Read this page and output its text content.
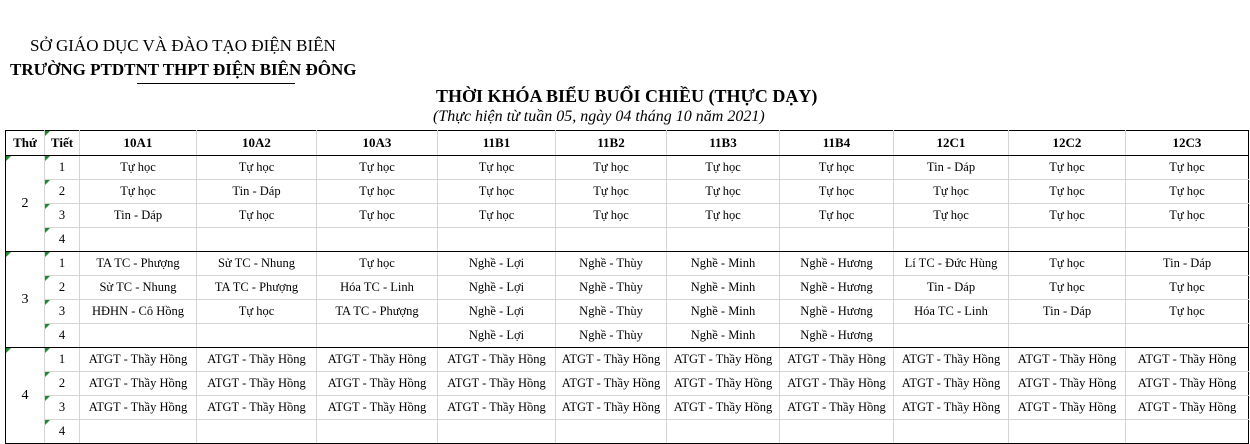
SỞ GIÁO DỤC VÀ ĐÀO TẠO ĐIỆN BIÊN
TRƯỜNG PTDTNT THPT ĐIỆN BIÊN ĐÔNG
THỜI KHÓA BIỂU BUỔI CHIỀU (THỰC DẠY)
(Thực hiện từ tuần 05, ngày 04 tháng 10 năm 2021)
Thứ	Tiết	10A1	10A2	10A3	11B1	11B2	11B3	11B4	12C1	12C2	12C3
2	1	Tự học	Tự học	Tự học	Tự học	Tự học	Tự học	Tự học	Tin - Dáp	Tự học	Tự học
	2	Tự học	Tin - Dáp	Tự học	Tự học	Tự học	Tự học	Tự học	Tự học	Tự học	Tự học
	3	Tin - Dáp	Tự học	Tự học	Tự học	Tự học	Tự học	Tự học	Tự học	Tự học	Tự học
	4										
3	1	TA TC - Phượng	Sử TC - Nhung	Tự học	Nghề - Lợi	Nghề - Thùy	Nghề - Minh	Nghề - Hương	Lí TC - Đức Hùng	Tự học	Tin - Dáp
	2	Sử TC - Nhung	TA TC - Phượng	Hóa TC - Linh	Nghề - Lợi	Nghề - Thùy	Nghề - Minh	Nghề - Hương	Tin - Dáp	Tự học	Tự học
	3	HĐHN - Cô Hồng	Tự học	TA TC - Phượng	Nghề - Lợi	Nghề - Thùy	Nghề - Minh	Nghề - Hương	Hóa TC - Linh	Tin - Dáp	Tự học
	4				Nghề - Lợi	Nghề - Thùy	Nghề - Minh	Nghề - Hương			
4	1	ATGT - Thầy Hồng	ATGT - Thầy Hồng	ATGT - Thầy Hồng	ATGT - Thầy Hồng	ATGT - Thầy Hồng	ATGT - Thầy Hồng	ATGT - Thầy Hồng	ATGT - Thầy Hồng	ATGT - Thầy Hồng	ATGT - Thầy Hồng
	2	ATGT - Thầy Hồng	ATGT - Thầy Hồng	ATGT - Thầy Hồng	ATGT - Thầy Hồng	ATGT - Thầy Hồng	ATGT - Thầy Hồng	ATGT - Thầy Hồng	ATGT - Thầy Hồng	ATGT - Thầy Hồng	ATGT - Thầy Hồng
	3	ATGT - Thầy Hồng	ATGT - Thầy Hồng	ATGT - Thầy Hồng	ATGT - Thầy Hồng	ATGT - Thầy Hồng	ATGT - Thầy Hồng	ATGT - Thầy Hồng	ATGT - Thầy Hồng	ATGT - Thầy Hồng	ATGT - Thầy Hồng
	4										
